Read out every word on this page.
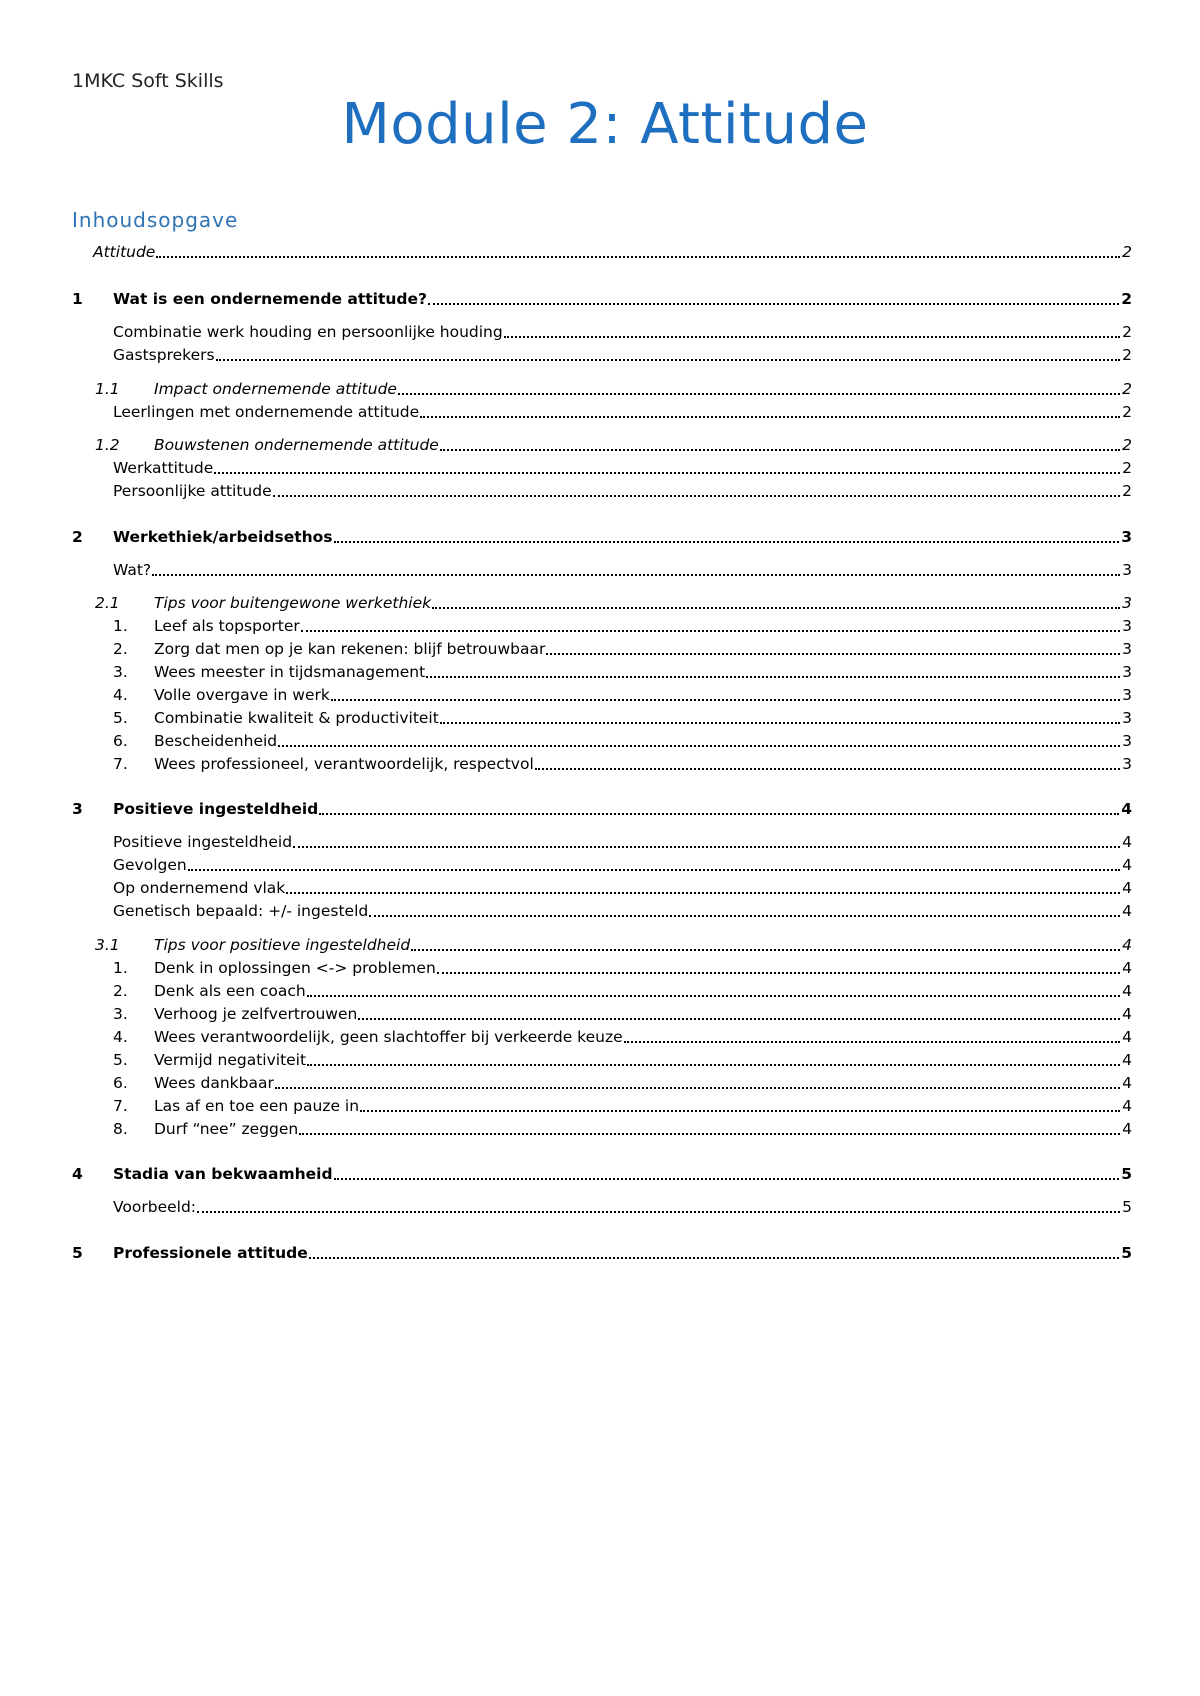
1MKC Soft Skills
Module 2: Attitude
Inhoudsopgave
Attitude	2
1	Wat is een ondernemende attitude?	2
Combinatie werk houding en persoonlijke houding	2
Gastsprekers	2
1.1	Impact ondernemende attitude	2
Leerlingen met ondernemende attitude	2
1.2	Bouwstenen ondernemende attitude	2
Werkattitude	2
Persoonlijke attitude	2
2	Werkethiek/arbeidsethos	3
Wat?	3
2.1	Tips voor buitengewone werkethiek	3
1.	Leef als topsporter	3
2.	Zorg dat men op je kan rekenen: blijf betrouwbaar	3
3.	Wees meester in tijdsmanagement	3
4.	Volle overgave in werk	3
5.	Combinatie kwaliteit & productiviteit	3
6.	Bescheidenheid	3
7.	Wees professioneel, verantwoordelijk, respectvol	3
3	Positieve ingesteldheid	4
Positieve ingesteldheid	4
Gevolgen	4
Op ondernemend vlak	4
Genetisch bepaald: +/- ingesteld	4
3.1	Tips voor positieve ingesteldheid	4
1.	Denk in oplossingen <-> problemen	4
2.	Denk als een coach	4
3.	Verhoog je zelfvertrouwen	4
4.	Wees verantwoordelijk, geen slachtoffer bij verkeerde keuze	4
5.	Vermijd negativiteit	4
6.	Wees dankbaar	4
7.	Las af en toe een pauze in	4
8.	Durf “nee” zeggen	4
4	Stadia van bekwaamheid	5
Voorbeeld:	5
5	Professionele attitude	5
